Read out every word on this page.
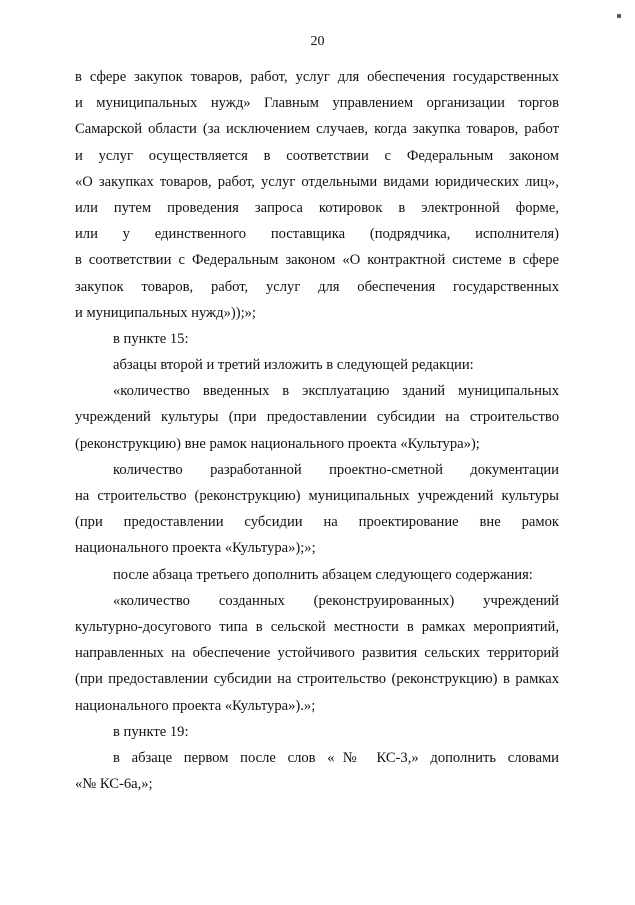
20
в сфере закупок товаров, работ, услуг для обеспечения государственных
и муниципальных нужд» Главным управлением организации торгов
Самарской области (за исключением случаев, когда закупка товаров, работ
и услуг осуществляется в соответствии с Федеральным законом
«О закупках товаров, работ, услуг отдельными видами юридических лиц»,
или путем проведения запроса котировок в электронной форме,
или у единственного поставщика (подрядчика, исполнителя)
в соответствии с Федеральным законом «О контрактной системе в сфере
закупок товаров, работ, услуг для обеспечения государственных
и муниципальных нужд»));»;
в пункте 15:
абзацы второй и третий изложить в следующей редакции:
«количество введенных в эксплуатацию зданий муниципальных
учреждений культуры (при предоставлении субсидии на строительство
(реконструкцию) вне рамок национального проекта «Культура»);
количество разработанной проектно-сметной документации
на строительство (реконструкцию) муниципальных учреждений культуры
(при предоставлении субсидии на проектирование вне рамок
национального проекта «Культура»);»;
после абзаца третьего дополнить абзацем следующего содержания:
«количество созданных (реконструированных) учреждений
культурно-досугового типа в сельской местности в рамках мероприятий,
направленных на обеспечение устойчивого развития сельских территорий
(при предоставлении субсидии на строительство (реконструкцию) в рамках
национального проекта «Культура»).»;
в пункте 19:
в абзаце первом после слов «№ КС-3,» дополнить словами
«№ КС-6а,»;
